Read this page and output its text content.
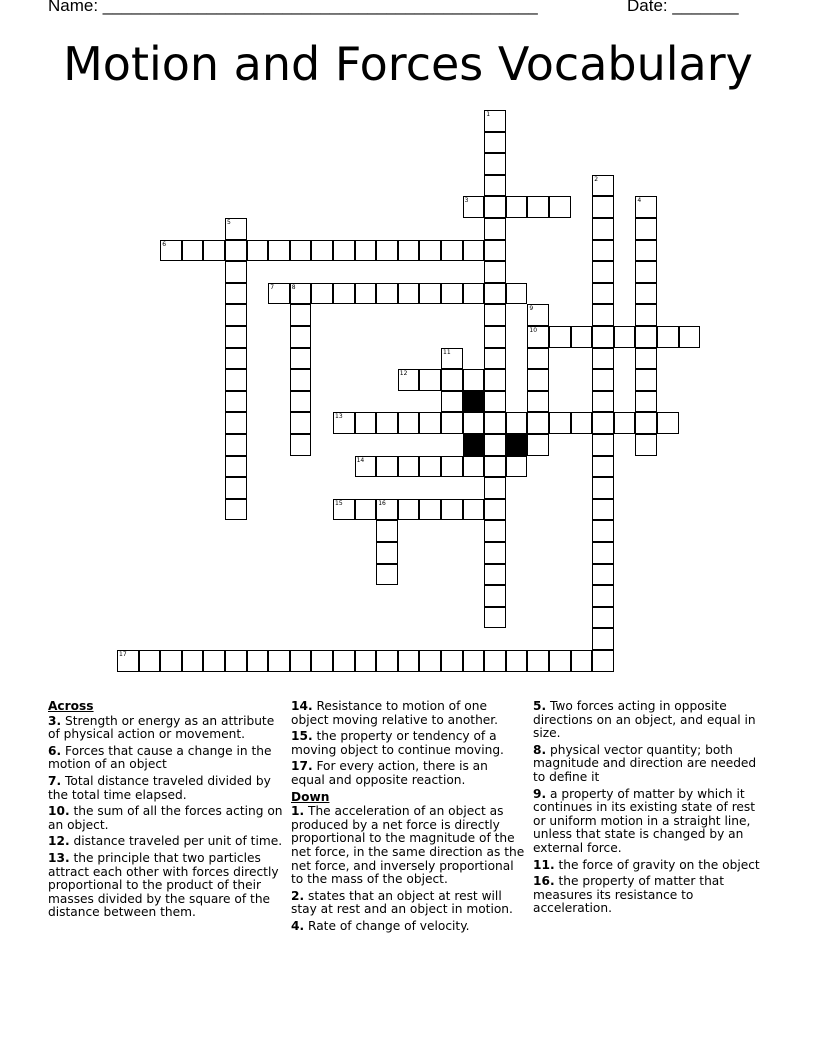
Name: ______________________________________________

	Date: _______

Motion and Forces Vocabulary
1
2
3	4
5
6
7	8
9
10
11
12
13
14
15	16
17
Across
3. Strength or energy as an attribute of physical action or movement.
6. Forces that cause a change in the motion of an object
7. Total distance traveled divided by the total time elapsed.
10. the sum of all the forces acting on an object.
12. distance traveled per unit of time.
13. the principle that two particles attract each other with forces directly proportional to the product of their masses divided by the square of the distance between them.
14. Resistance to motion of one object moving relative to another.
15. the property or tendency of a moving object to continue moving.
17. For every action, there is an equal and opposite reaction.
Down
1. The acceleration of an object as produced by a net force is directly proportional to the magnitude of the net force, in the same direction as the net force, and inversely proportional to the mass of the object.
2. states that an object at rest will stay at rest and an object in motion.
4. Rate of change of velocity.
5. Two forces acting in opposite directions on an object, and equal in size.
8. physical vector quantity; both magnitude and direction are needed to define it
9. a property of matter by which it continues in its existing state of rest or uniform motion in a straight line, unless that state is changed by an external force.
11. the force of gravity on the object
16. the property of matter that measures its resistance to acceleration.
